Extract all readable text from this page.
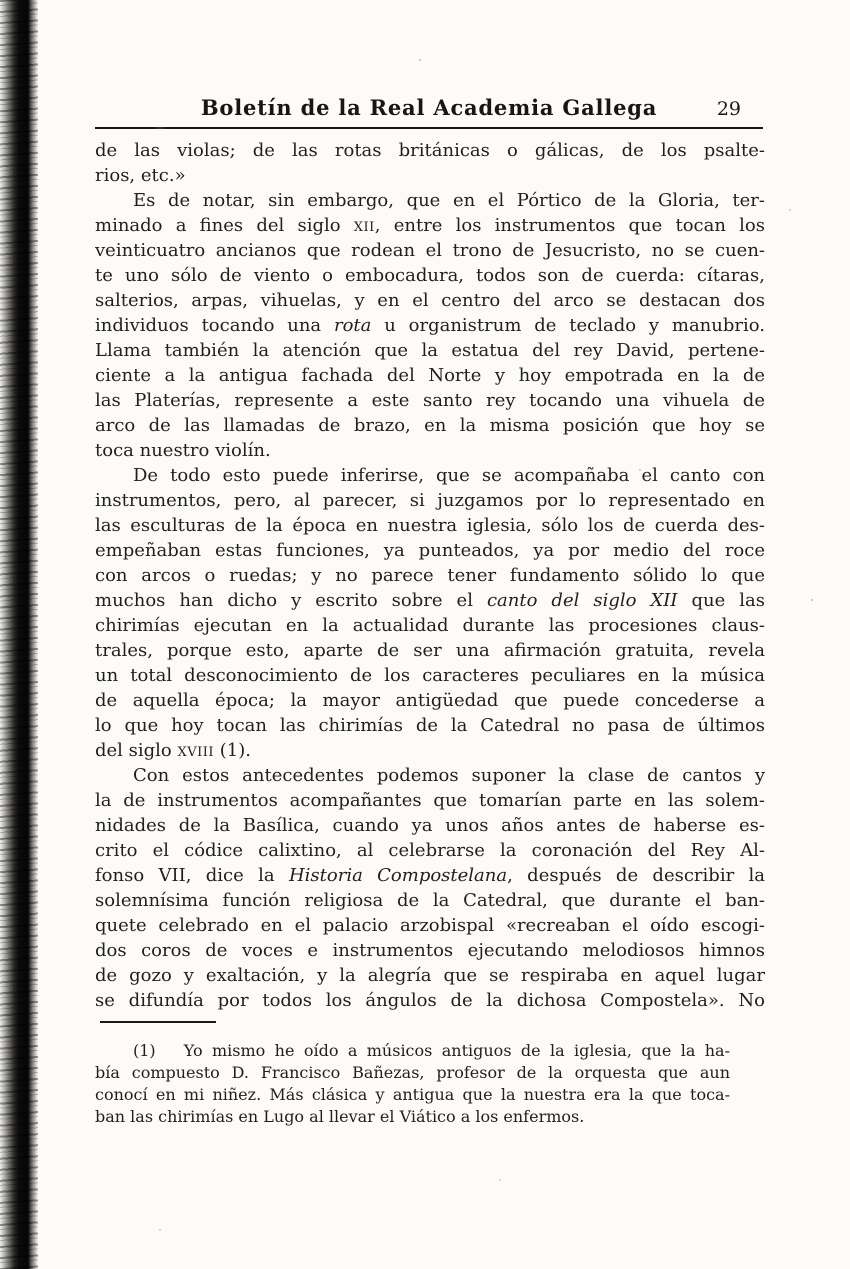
Boletín de la Real Academia Gallega	29
de las violas; de las rotas británicas o gálicas, de los psalte-
rios, etc.»
Es de notar, sin embargo, que en el Pórtico de la Gloria, ter-
minado a fines del siglo xii, entre los instrumentos que tocan los
veinticuatro ancianos que rodean el trono de Jesucristo, no se cuen-
te uno sólo de viento o embocadura, todos son de cuerda: cítaras,
salterios, arpas, vihuelas, y en el centro del arco se destacan dos
individuos tocando una rota u organistrum de teclado y manubrio.
Llama también la atención que la estatua del rey David, pertene-
ciente a la antigua fachada del Norte y hoy empotrada en la de
las Platerías, represente a este santo rey tocando una vihuela de
arco de las llamadas de brazo, en la misma posición que hoy se
toca nuestro violín.
De todo esto puede inferirse, que se acompañaba el canto con
instrumentos, pero, al parecer, si juzgamos por lo representado en
las esculturas de la época en nuestra iglesia, sólo los de cuerda des-
empeñaban estas funciones, ya punteados, ya por medio del roce
con arcos o ruedas; y no parece tener fundamento sólido lo que
muchos han dicho y escrito sobre el canto del siglo XII que las
chirimías ejecutan en la actualidad durante las procesiones claus-
trales, porque esto, aparte de ser una afirmación gratuita, revela
un total desconocimiento de los caracteres peculiares en la música
de aquella época; la mayor antigüedad que puede concederse a
lo que hoy tocan las chirimías de la Catedral no pasa de últimos
del siglo xviii (1).
Con estos antecedentes podemos suponer la clase de cantos y
la de instrumentos acompañantes que tomarían parte en las solem-
nidades de la Basílica, cuando ya unos años antes de haberse es-
crito el códice calixtino, al celebrarse la coronación del Rey Al-
fonso VII, dice la Historia Compostelana, después de describir la
solemnísima función religiosa de la Catedral, que durante el ban-
quete celebrado en el palacio arzobispal «recreaban el oído escogi-
dos coros de voces e instrumentos ejecutando melodiosos himnos
de gozo y exaltación, y la alegría que se respiraba en aquel lugar
se difundía por todos los ángulos de la dichosa Compostela». No
(1)   Yo mismo he oído a músicos antiguos de la iglesia, que la ha-
bía compuesto D. Francisco Bañezas, profesor de la orquesta que aun
conocí en mi niñez. Más clásica y antigua que la nuestra era la que toca-
ban las chirimías en Lugo al llevar el Viático a los enfermos.
